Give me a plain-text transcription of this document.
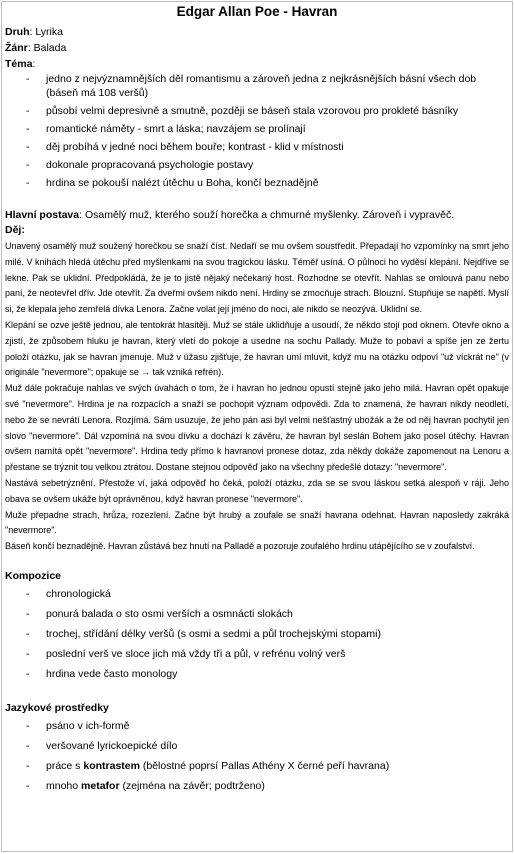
Edgar Allan Poe - Havran
Druh: Lyrika
Žánr: Balada
Téma:
- jedno z nejvýznamnějších děl romantismu a zároveň jedna z nejkrásnějších básní všech dob (báseň má 108 veršů)
- působí velmi depresivně a smutně, později se báseň stala vzorovou pro prokleté básníky
- romantické náměty - smrt a láska; navzájem se prolínají
- děj probíhá v jedné noci během bouře; kontrast - klid v místnosti
- dokonale propracovaná psychologie postavy
- hrdina se pokouší nalézt útěchu u Boha, končí beznadějně
Hlavní postava: Osamělý muž, kterého souží horečka a chmurné myšlenky. Zároveň i vypravěč.
Děj:

Unavený osamělý muž soužený horečkou se snaží číst. Nedaří se mu ovšem soustředit. Přepadají ho vzpomínky na smrt jeho milé. V knihách hledá útěchu před myšlenkami na svou tragickou lásku. Téměř usíná. O půlnoci ho vyděsí klepání. Nejdříve se lekne. Pak se uklidní. Předpokládá, že je to jistě nějaký nečekaný host. Rozhodne se otevřít. Nahlas se omlouvá panu nebo paní, že neotevřel dřív. Jde otevřít. Za dveřmi ovšem nikdo není. Hrdiny se zmocňuje strach. Blouzní. Stupňuje se napětí. Myslí si, že klepala jeho zemřelá dívka Lenora. Začne volat její jméno do noci, ale nikdo se neozývá. Uklidní se.

Klepání se ozve ještě jednou, ale tentokrát hlasitěji. Muž se stále uklidňuje a usoudí, že někdo stojí pod oknem. Otevře okno a zjistí, že způsobem hluku je havran, který vletí do pokoje a usedne na sochu Pallady. Muže to pobaví a spíše jen ze žertu položí otázku, jak se havran jmenuje. Muž v úžasu zjišťuje, že havran umí mluvit, když mu na otázku odpoví "už víckrát ne" (v originále "nevermore"; opakuje se → tak vzniká refrén).

Muž dále pokračuje nahlas ve svých úvahách o tom, že i havran ho jednou opustí stejně jako jeho milá. Havran opět opakuje své "nevermore". Hrdina je na rozpacích a snaží se pochopit význam odpovědi. Zda to znamená, že havran nikdy neodletí, nebo že se nevrátí Lenora. Rozjímá. Sám usuzuje, že jeho pán asi byl velmi nešťastný ubožák a že od něj havran pochytil jen slovo "nevermore". Dál vzpomíná na svou dívku a dochází k závěru, že havran byl seslán Bohem jako posel útěchy. Havran ovšem namítá opět "nevermore". Hrdina tedy přímo k havranovi pronese dotaz, zda někdy dokáže zapomenout na Lenoru a přestane se trýznit tou velkou ztrátou. Dostane stejnou odpověď jako na všechny předešlé dotazy: "nevermore".

Nastává sebetrýznění. Přestože ví, jaká odpověď ho čeká, položí otázku, zda se se svou láskou setká alespoň v ráji. Jeho obava se ovšem ukáže být oprávněnou, když havran pronese "nevermore".

Muže přepadne strach, hrůza, rozezlení. Začne být hrubý a zoufale se snaží havrana odehnat. Havran naposledy zakráká "nevermore".

Báseň končí beznadějně. Havran zůstává bez hnutí na Palladě a pozoruje zoufalého hrdinu utápějícího se v zoufalství.

Kompozice
- chronologická
- ponurá balada o sto osmi verších a osmnácti slokách
- trochej, střídání délky veršů (s osmi a sedmi a půl trochejskými stopami)
- poslední verš ve sloce jich má vždy tři a půl, v refrénu volný verš
- hrdina vede často monology
Jazykové prostředky
- psáno v ich-formě
- veršované lyrickoepické dílo
- práce s kontrastem (bělostné poprsí Pallas Athény X černé peří havrana)
- mnoho metafor (zejména na závěr; podtrženo)
